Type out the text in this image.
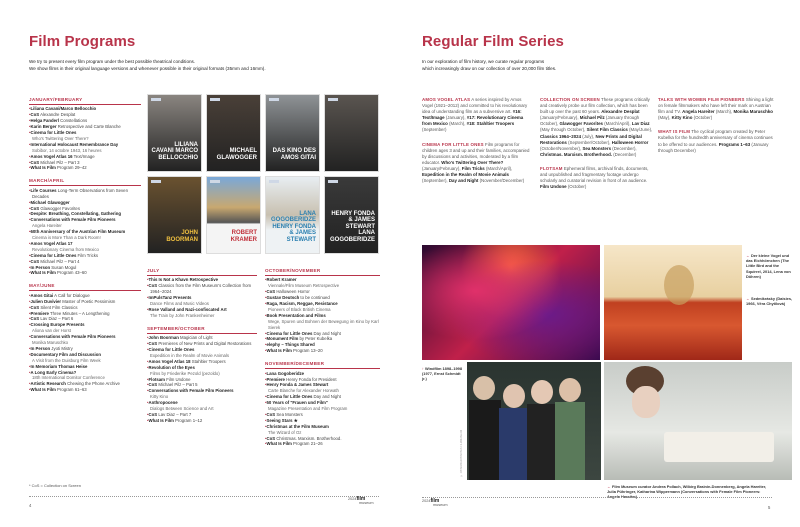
Film Programs
We try to present every film program under the best possible theatrical conditions.
We show films in their original language versions and whenever possible in their original formats (35mm and 16mm).
JANUARY/FEBRUARY
• Liliana Cavani/Marco Bellocchio
• CoS Alexandre Desplat
• Helga Fanderl Constellations
• Karin Berger Retrospective and Carte Blanche
• Cinema for Little Ones
Who's Twittering Over There?
• International Holocaust Remembrance Day
Sobibor, 14 octobre 1943, 16 heures
• Amos Vogel Atlas 16 Text/Image
• CoS Michael Pilz – Part 3
• What Is Film Program 29–42
MARCH/APRIL
• Life Courses Long-Term Observations from Seven Decades
• Michael Glawogger
• CoS Glawogger Favorites
• Despite: Breathing, Constellating, Gathering
• Conversations with Female Film Pioneers
Angela Hareiter
• 60th Anniversary of the Austrian Film Museum
Cinema is More Than a Dark Room!
• Amos Vogel Atlas 17
Revolutionary Cinema from Mexico
• Cinema for Little Ones Film Tricks
• CoS Michael Pilz – Part 4
• In Person Susan Mogul
• What Is Film Program 43–60
MAY/JUNE
• Amos Gitai A Call for Dialogue
• Julien Duvivier Master of Poetic Pessimism
• CoS Silent Film Classics
• Premiere Three Minutes – A Lengthening
• CoS Lav Diaz – Part 6
• Crossing Europe Presents
Aliona van der Horst
• Conversations with Female Film Pioneers
Monika Maruschko
• In Person Jyoti Mistry
• Documentary Film and Discussion
A Visit from the Duisburg Film Week
• In Memoriam Thomas Heise
• A Long Early Cinema?
18th International Domitor Conference
• Artistic Research Chewing the Phone Archive
• What Is Film Program 61–63
LILIANA CAVANI MARCO BELLOCCHIO
MICHAEL GLAWOGGER
DAS KINO DES AMOS GITAI
JOHN BOORMAN
ROBERT KRAMER
LANA GOGOBERIDZE HENRY FONDA & JAMES STEWART
HENRY FONDA & JAMES STEWART LANA GOGOBERIDZE
JULY
• This Is Not a Khavn Retrospective
• CoS Classics from the Film Museum's Collection from 1964–2024
• ImPulsTanz Presents
Dance Films and Music Videos
• Rose Valland and Nazi-confiscated Art
The Train by John Frankenheimer
SEPTEMBER/OCTOBER
• John Boorman Magician of Light
• CoS Premieres of New Prints and Digital Restorations
• Cinema for Little Ones
Expedition in the Realm of Movie Animals
• Amos Vogel Atlas 18 Stahltier Troopers
• Revolution of the Eyes
Films by Friederike Pezold (pezoldo)
• Flotsam Film Undone
• CoS Michael Pilz – Part 5
• Conversations with Female Film Pioneers
Kitty Kino
• Anthropocene
Dialogs Between Science and Art
• CoS Lav Diaz – Part 7
• What Is Film Program 1–12
OCTOBER/NOVEMBER
• Robert Kramer
Viennale/Film Museum Retrospective
• CoS Halloween Horror
• Gustav Deutsch to be continued
• Raga, Racism, Reggae, Resistance
Pioneers of Black British Cinema
• Book Presentation and Films
Wege, Spuren und Bohnen der Bewegung im Kino by Karl Sierek
• Cinema for Little Ones Day and Night
• Monument Film by Peter Kubelka
• elephy – Things Shared
• What Is Film Program 13–20
NOVEMBER/DECEMBER
• Lana Gogoberidze
• Premiere Henry Fonda for President
• Henry Fonda & James Stewart
Carte Blanche for Alexander Horwath
• Cinema for Little Ones Day and Night
• 50 Years of "Frauen und Film"
Magazine Presentation and Film Program
• CoS Sea Monsters
• Seeing Stars ★
• Christmas at the Film Museum
The Wizard of Oz
• CoS Christmas. Marxism. Brotherhood.
• What Is Film Program 21–26
* CoS = Collection on Screen
4
2024film
museum
Regular Film Series
In our exploration of film history, we curate regular programs
which increasingly draw on our collection of over 20,000 film titles.

AMOS VOGEL ATLAS A series inspired by Amos Vogel (1921–2012) and committed to his revolutionary idea of understanding film as a subversive art. #16: Text/Image (January), #17: Revolutionary Cinema from Mexico (March), #18: Stahltier Troopers (September)

CINEMA FOR LITTLE ONES Film programs for children ages 3 and up and their families, accompanied by discussions and activities, moderated by a film educator. Who's Twittering Over There? (January/February), Film Tricks (March/April), Expedition in the Realm of Movie Animals (September), Day and Night (November/December)

COLLECTION ON SCREEN These programs critically and creatively probe our film collection, which has been built up over the past 60 years. Alexandre Desplat (January/February), Michael Pilz (January through October), Glawogger Favorites (March/April), Lav Diaz (May through October), Silent Film Classics (May/June), Classics 1964–2024 (July), New Prints and Digital Restorations (September/October), Halloween Horror (October/November), Sea Monsters (December), Christmas. Marxism. Brotherhood. (December)

FLOTSAM Ephemeral films, archival finds, documents, and unpublished and fragmentary footage undergo scholarly and curatorial revision in front of an audience. Film Undone (October)

TALKS WITH WOMEN FILM PIONEERS Shining a light on female filmmakers who have left their mark on Austrian film and TV. Angela Hareiter (March), Monika Maruschko (May), Kitty Kino (October)

WHAT IS FILM The cyclical program created by Peter Kubelka for the hundredth anniversary of cinema continues to be offered to our audiences. Programs 1–63 (January through December)

© ÖSTERREICHISCHES FILMMUSEUM
↑ Windflim 1898–1998 (1977, Ernst Schmidt jr.)
← Der kleine Vogel und das Eichhörnchen (The Little Bird and the Squirrel, 2014, Lena von Döhren)
← Sedmikrásky (Daisies, 1966, Věra Chytilová)
← Film Museum curator Andrea Pollach, Wilbirg Brainin-Donnenberg, Angela Hareiter, Julia Pühringer, Katharina Wippermann (Conversations with Female Film Pioneers: Angela Hareiter)
2024film
museum	5
